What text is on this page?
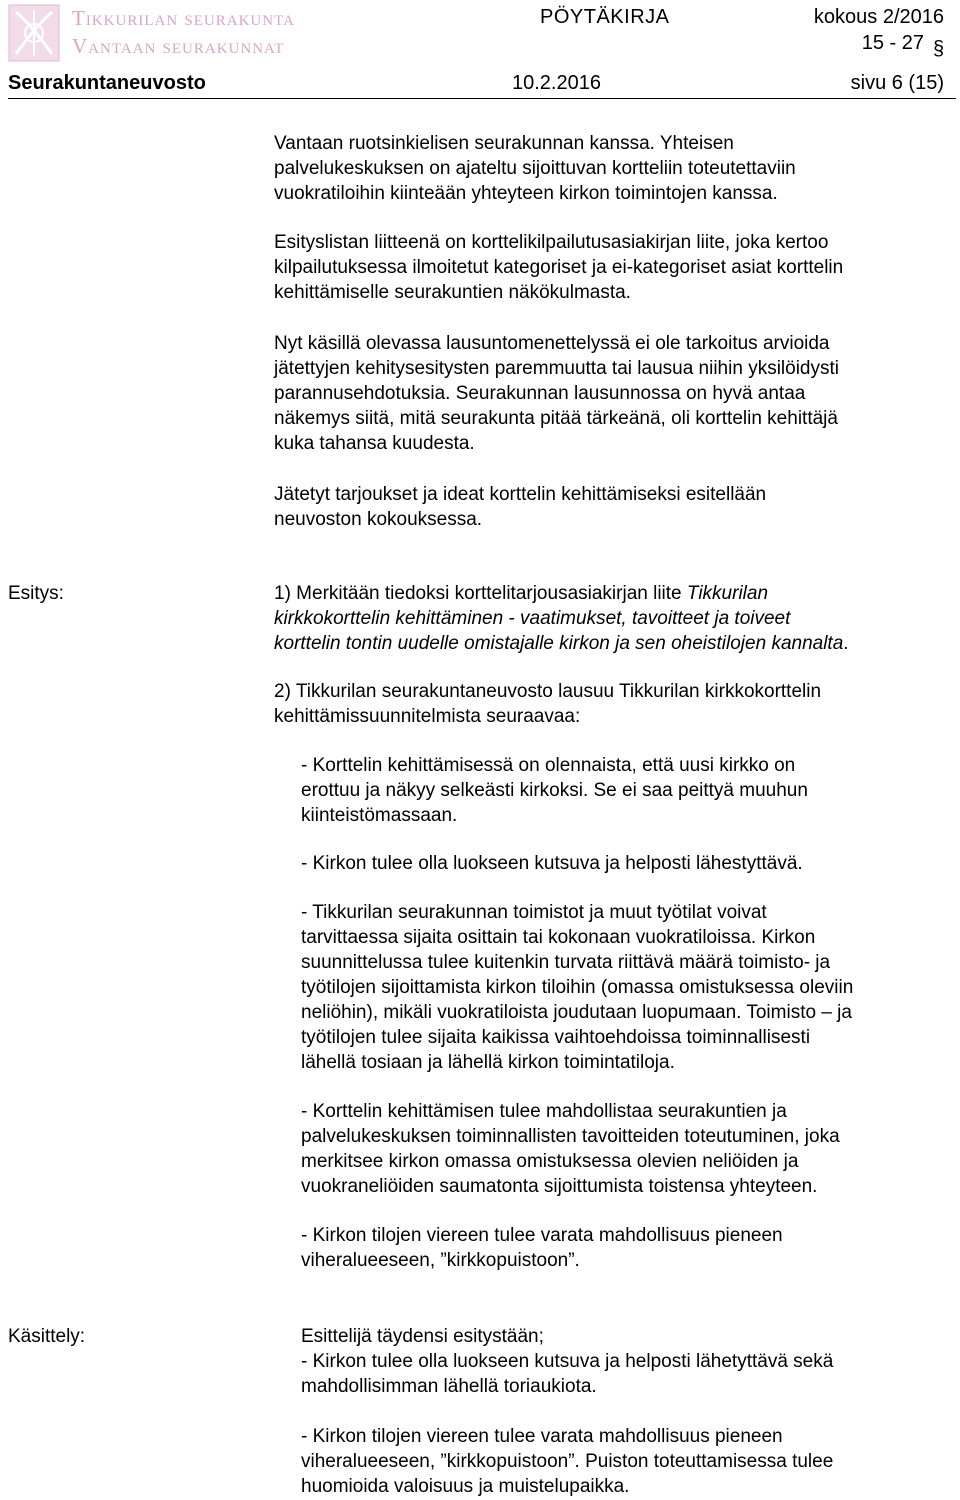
Tikkurilan seurakunta
Vantaan seurakunnat
PÖYTÄKIRJA	kokous 2/2016
15 - 27 §
Seurakuntaneuvosto	10.2.2016	sivu 6 (15)

Vantaan ruotsinkielisen seurakunnan kanssa. Yhteisen
palvelukeskuksen on ajateltu sijoittuvan kortteliin toteutettaviin
vuokratiloihin kiinteään yhteyteen kirkon toimintojen kanssa.

Esityslistan liitteenä on korttelikilpailutusasiakirjan liite, joka kertoo
kilpailutuksessa ilmoitetut kategoriset ja ei-kategoriset asiat korttelin
kehittämiselle seurakuntien näkökulmasta.

Nyt käsillä olevassa lausuntomenettelyssä ei ole tarkoitus arvioida
jätettyjen kehitysesitysten paremmuutta tai lausua niihin yksilöidysti
parannusehdotuksia. Seurakunnan lausunnossa on hyvä antaa
näkemys siitä, mitä seurakunta pitää tärkeänä, oli korttelin kehittäjä
kuka tahansa kuudesta.

Jätetyt tarjoukset ja ideat korttelin kehittämiseksi esitellään
neuvoston kokouksessa.

Esitys:	1) Merkitään tiedoksi korttelitarjousasiakirjan liite Tikkurilan
kirkkokorttelin kehittäminen - vaatimukset, tavoitteet ja toiveet
korttelin tontin uudelle omistajalle kirkon ja sen oheistilojen kannalta.

2) Tikkurilan seurakuntaneuvosto lausuu Tikkurilan kirkkokorttelin
kehittämissuunnitelmista seuraavaa:

- Korttelin kehittämisessä on olennaista, että uusi kirkko on
erottuu ja näkyy selkeästi kirkoksi. Se ei saa peittyä muuhun
kiinteistömassaan.

- Kirkon tulee olla luokseen kutsuva ja helposti lähestyttävä.

- Tikkurilan seurakunnan toimistot ja muut työtilat voivat
tarvittaessa sijaita osittain tai kokonaan vuokratiloissa. Kirkon
suunnittelussa tulee kuitenkin turvata riittävä määrä toimisto- ja
työtilojen sijoittamista kirkon tiloihin (omassa omistuksessa oleviin
neliöhin), mikäli vuokratiloista joudutaan luopumaan. Toimisto – ja
työtilojen tulee sijaita kaikissa vaihtoehdoissa toiminnallisesti
lähellä tosiaan ja lähellä kirkon toimintatiloja.

- Korttelin kehittämisen tulee mahdollistaa seurakuntien ja
palvelukeskuksen toiminnallisten tavoitteiden toteutuminen, joka
merkitsee kirkon omassa omistuksessa olevien neliöiden ja
vuokraneliöiden saumatonta sijoittumista toistensa yhteyteen.

- Kirkon tilojen viereen tulee varata mahdollisuus pieneen
viheralueeseen, ”kirkkopuistoon”.

Käsittely:	Esittelijä täydensi esitystään;
- Kirkon tulee olla luokseen kutsuva ja helposti lähetyttävä sekä
mahdollisimman lähellä toriaukiota.

- Kirkon tilojen viereen tulee varata mahdollisuus pieneen
viheralueeseen, ”kirkkopuistoon”. Puiston toteuttamisessa tulee
huomioida valoisuus ja muistelupaikka.
